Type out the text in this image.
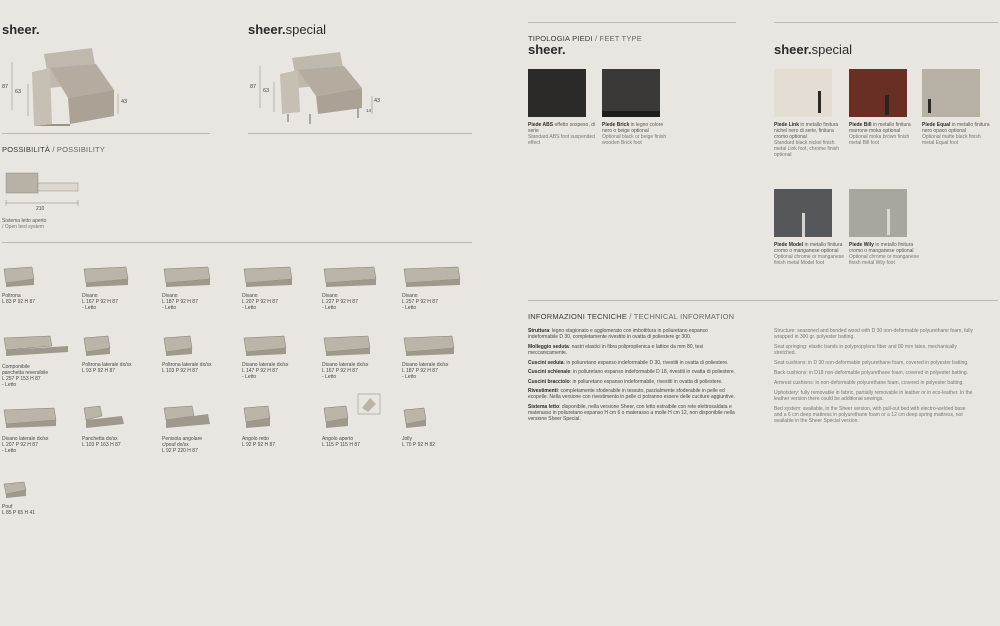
sheer.	sheer.special
87
63
43
87
63
43
14
POSSIBILITÀ / POSSIBILITY
210
Sistema letto aperto
/ Open bed system
Poltrona
L 83 P 92 H 87
Divano
L 167 P 92 H 87
- Letto
Divano
L 187 P 92 H 87
- Letto
Divano
L 207 P 92 H 87
- Letto
Divano
L 227 P 92 H 87
- Letto
Divano
L 257 P 92 H 87
- Letto
Componibile
panchetta reversibile
L 257 P 153 H 87
- Letto
Poltrona laterale dx/sx
L 93 P 92 H 87
Poltrona laterale dx/sx
L 103 P 92 H 87
Divano laterale dx/sx
L 147 P 92 H 87
- Letto
Divano laterale dx/sx
L 167 P 92 H 87
- Letto
Divano laterale dx/sx
L 187 P 92 H 87
- Letto
Divano laterale dx/sx
L 207 P 92 H 87
- Letto
Panchetta dx/sx
L 103 P 163 H 87
Penisola angolare
c/pouf dx/sx
L 92 P 220 H 87
Angolo retto
L 92 P 92 H 87
Angolo aperto
L 115 P 115 H 87
Jolly
L 70 P 92 H 82
Pouf
L 85 P 65 H 41
TIPOLOGIA PIEDI / FEET TYPE
sheer.	sheer.special
Piede ABS effetto sospeso, di serie
Standard ABS foot suspended effect
Piede Brick in legno colore nero o beige optional
Optional black or beige finish wooden Brick foot
Piede Link in metallo finitura nichel nero di serie, finitura cromo optional
Standard black nickel finish metal Link foot, chrome finish optional
Piede Bill in metallo finitura marrone moka optional
Optional moka brown finish metal Bill foot
Piede Equal in metallo finitura nero opaco optional
Optional matte black finish metal Equal foot
Piede Model in metallo finitura cromo o manganese optional
Optional chrome or manganese finish metal Model foot
Piede Wily in metallo finitura cromo o manganese optional
Optional chrome or manganese finish metal Wily foot
INFORMAZIONI TECNICHE / TECHNICAL INFORMATION

Struttura: legno stagionato e agglomerato con imbottitura in poliuretano espanso indeformabile D 30, completamente rivestito in ovatta di poliestere gr 300.

Molleggio seduta: nastri elastici in fibra polipropilenica e lattice da mm 80, tesi meccanicamente.

Cuscini seduta: in poliuretano espanso indeformabile D 30, rivestiti in ovatta di poliestere.

Cuscini schienale: in poliuretano espanso indeformabile D 18, rivestiti in ovatta di poliestere.

Cuscini bracciolo: in poliuretano espanso indeformabile, rivestiti in ovatta di poliestere.

Rivestimenti: completamente sfoderabile in tessuto, parzialmente sfoderabile in pelle ed ecopelle. Nella versione con rivestimento in pelle ci potranno essere delle cuciture aggiuntive.

Sistema letto: disponibile, nella versione Sheer, con letto estraibile con rete elettrosaldata e materasso in poliuretano espanso H cm 6 o materasso a molle H cm 12, non disponibile nella versione Sheer Special.

Structure: seasoned and bonded wood with D 30 non-deformable polyurethane foam, fully wrapped in 300 gr. polyester batting.

Seat springing: elastic bands in polypropylene fiber and 80 mm latex, mechanically stretched.

Seat cushions: in D 30 non-deformable polyurethane foam, covered in polyester batting.

Back cushions: in D18 non-deformable polyurethane foam, covered in polyester batting.

Armrest cushions: in non-deformable polyurethane foam, covered in polyester batting.

Upholstery: fully removable in fabric, partially removable in leather or in eco-leather. In the leather version there could be additional sewings.

Bed system: available, in the Sheer version, with pull-out bed with electro-welded base and a 6 cm deep mattress in polyurethane foam or a 12 cm deep spring mattress, not available in the Sheer Special version.
